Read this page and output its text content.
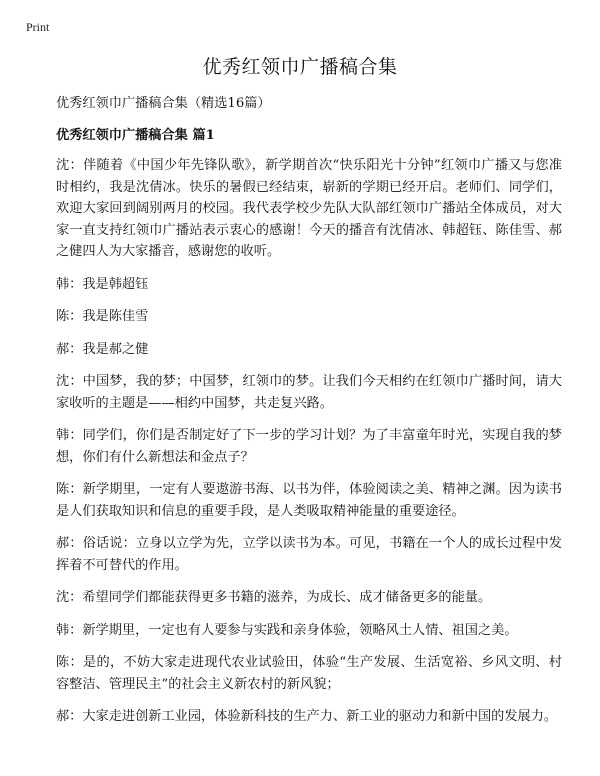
Print
优秀红领巾广播稿合集

优秀红领巾广播稿合集（精选16篇）

优秀红领巾广播稿合集 篇1

沈：伴随着《中国少年先锋队歌》，新学期首次“快乐阳光十分钟”红领巾广播又与您准时相约，我是沈倩冰。快乐的暑假已经结束，崭新的学期已经开启。老师们、同学们，欢迎大家回到阔别两月的校园。我代表学校少先队大队部红领巾广播站全体成员，对大家一直支持红领巾广播站表示衷心的感谢！今天的播音有沈倩冰、韩超钰、陈佳雪、郝之健四人为大家播音，感谢您的收听。

韩：我是韩超钰

陈：我是陈佳雪

郝：我是郝之健

沈：中国梦，我的梦；中国梦，红领巾的梦。让我们今天相约在红领巾广播时间，请大家收听的主题是——相约中国梦，共走复兴路。

韩：同学们，你们是否制定好了下一步的学习计划？为了丰富童年时光，实现自我的梦想，你们有什么新想法和金点子？

陈：新学期里，一定有人要遨游书海、以书为伴，体验阅读之美、精神之渊。因为读书是人们获取知识和信息的重要手段，是人类吸取精神能量的重要途径。

郝：俗话说：立身以立学为先，立学以读书为本。可见，书籍在一个人的成长过程中发挥着不可替代的作用。

沈：希望同学们都能获得更多书籍的滋养，为成长、成才储备更多的能量。

韩：新学期里，一定也有人要参与实践和亲身体验，领略风土人情、祖国之美。

陈：是的，不妨大家走进现代农业试验田，体验“生产发展、生活宽裕、乡风文明、村容整洁、管理民主”的社会主义新农村的新风貌；

郝：大家走进创新工业园，体验新科技的生产力、新工业的驱动力和新中国的发展力。
